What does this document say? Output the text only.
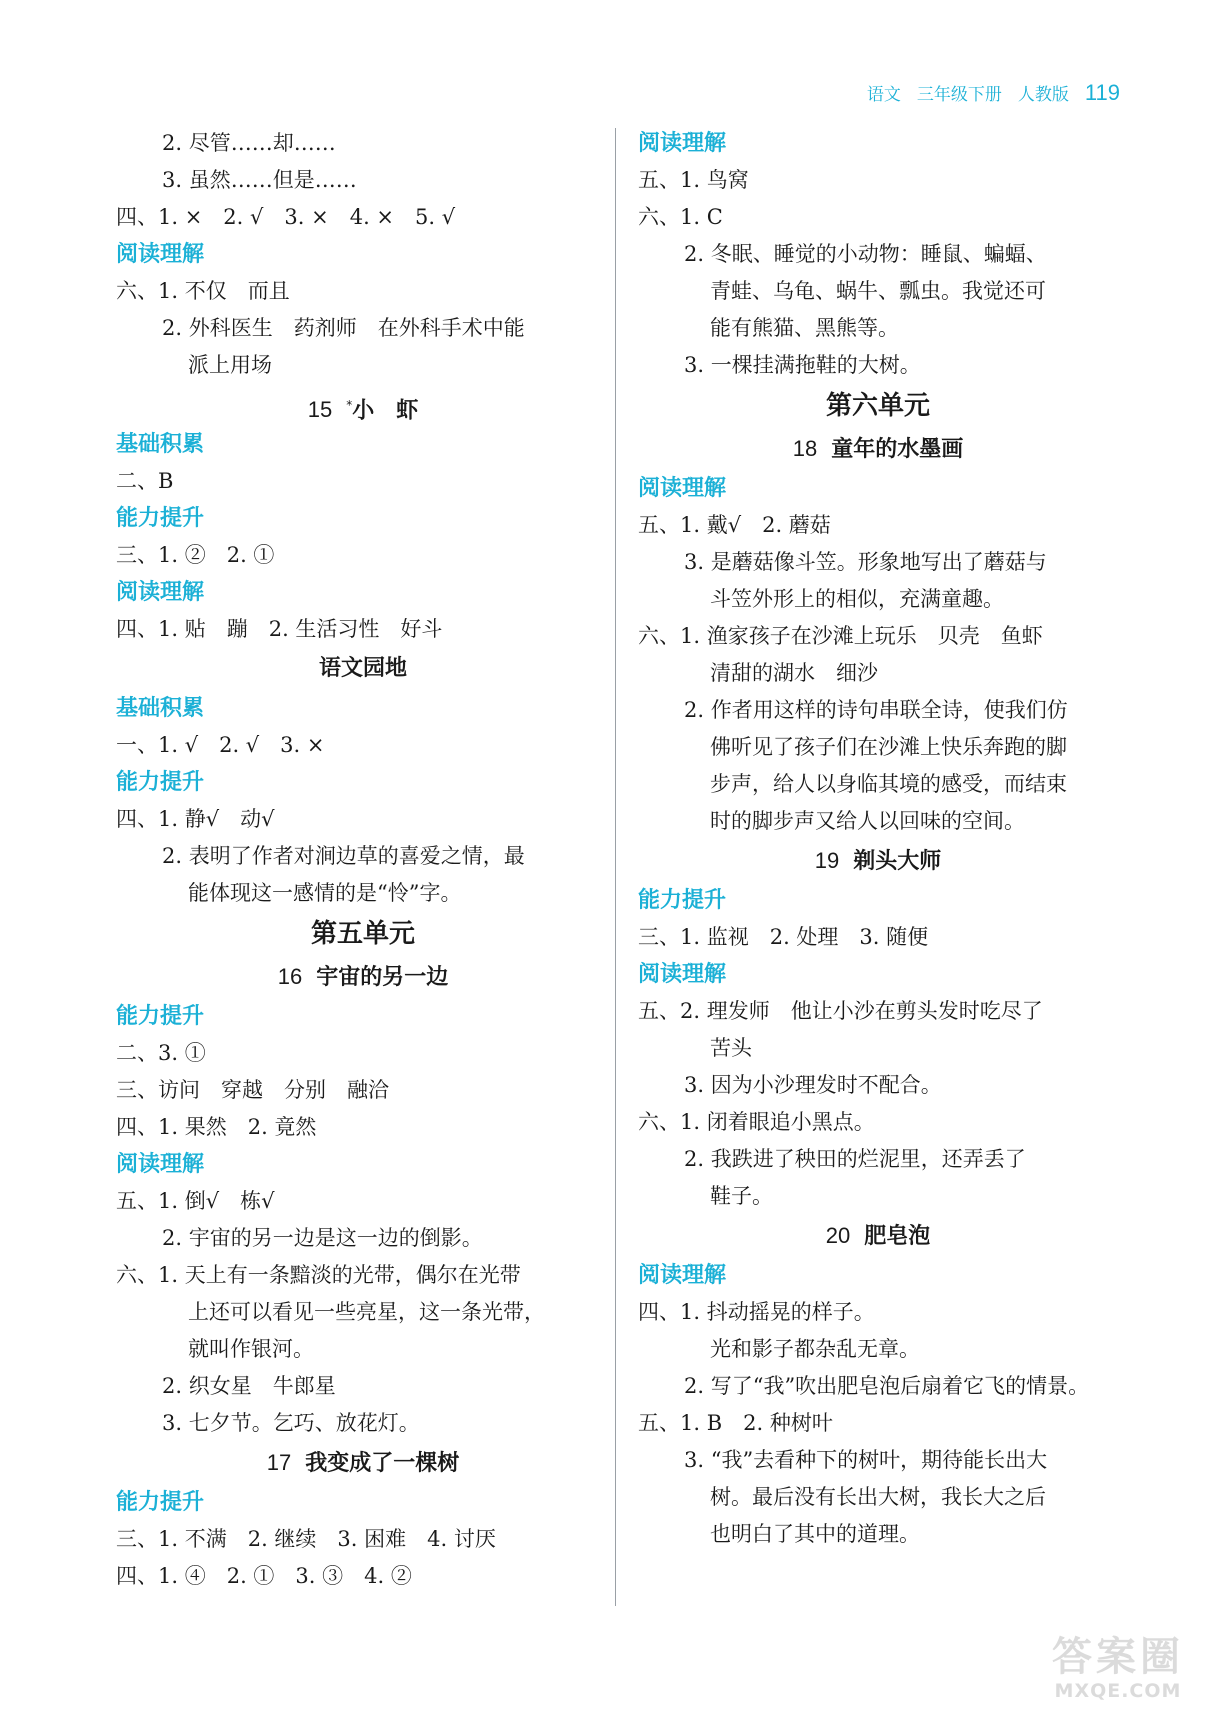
语文 三年级下册 人教版 119
2. 尽管……却……
3. 虽然……但是……
四、1. ×　2. √　3. ×　4. ×　5. √
阅读理解
六、1. 不仅　而且
2. 外科医生　药剂师　在外科手术中能
派上用场
15 *小　虾
基础积累
二、B
能力提升
三、1. ②　2. ①
阅读理解
四、1. 贴　蹦　2. 生活习性　好斗
语文园地
基础积累
一、1. √　2. √　3. ×
能力提升
四、1. 静√　动√
2. 表明了作者对涧边草的喜爱之情，最
能体现这一感情的是“怜”字。
第五单元
16 宇宙的另一边
能力提升
二、3. ①
三、访问　穿越　分别　融洽
四、1. 果然　2. 竟然
阅读理解
五、1. 倒√　栋√
2. 宇宙的另一边是这一边的倒影。
六、1. 天上有一条黯淡的光带，偶尔在光带
上还可以看见一些亮星，这一条光带，
就叫作银河。
2. 织女星　牛郎星
3. 七夕节。乞巧、放花灯。
17 我变成了一棵树
能力提升
三、1. 不满　2. 继续　3. 困难　4. 讨厌
四、1. ④　2. ①　3. ③　4. ②
阅读理解
五、1. 鸟窝
六、1. C
2. 冬眠、睡觉的小动物：睡鼠、蝙蝠、
青蛙、乌龟、蜗牛、瓢虫。我觉还可
能有熊猫、黑熊等。
3. 一棵挂满拖鞋的大树。
第六单元
18 童年的水墨画
阅读理解
五、1. 戴√　2. 蘑菇
3. 是蘑菇像斗笠。形象地写出了蘑菇与
斗笠外形上的相似，充满童趣。
六、1. 渔家孩子在沙滩上玩乐　贝壳　鱼虾
清甜的湖水　细沙
2. 作者用这样的诗句串联全诗，使我们仿
佛听见了孩子们在沙滩上快乐奔跑的脚
步声，给人以身临其境的感受，而结束
时的脚步声又给人以回味的空间。
19 剃头大师
能力提升
三、1. 监视　2. 处理　3. 随便
阅读理解
五、2. 理发师　他让小沙在剪头发时吃尽了
苦头
3. 因为小沙理发时不配合。
六、1. 闭着眼追小黑点。
2. 我跌进了秧田的烂泥里，还弄丢了
鞋子。
20 肥皂泡
阅读理解
四、1. 抖动摇晃的样子。
光和影子都杂乱无章。
2. 写了“我”吹出肥皂泡后扇着它飞的情景。
五、1. B　2. 种树叶
3. “我”去看种下的树叶，期待能长出大
树。最后没有长出大树，我长大之后
也明白了其中的道理。
答案圈
MXQE.COM
